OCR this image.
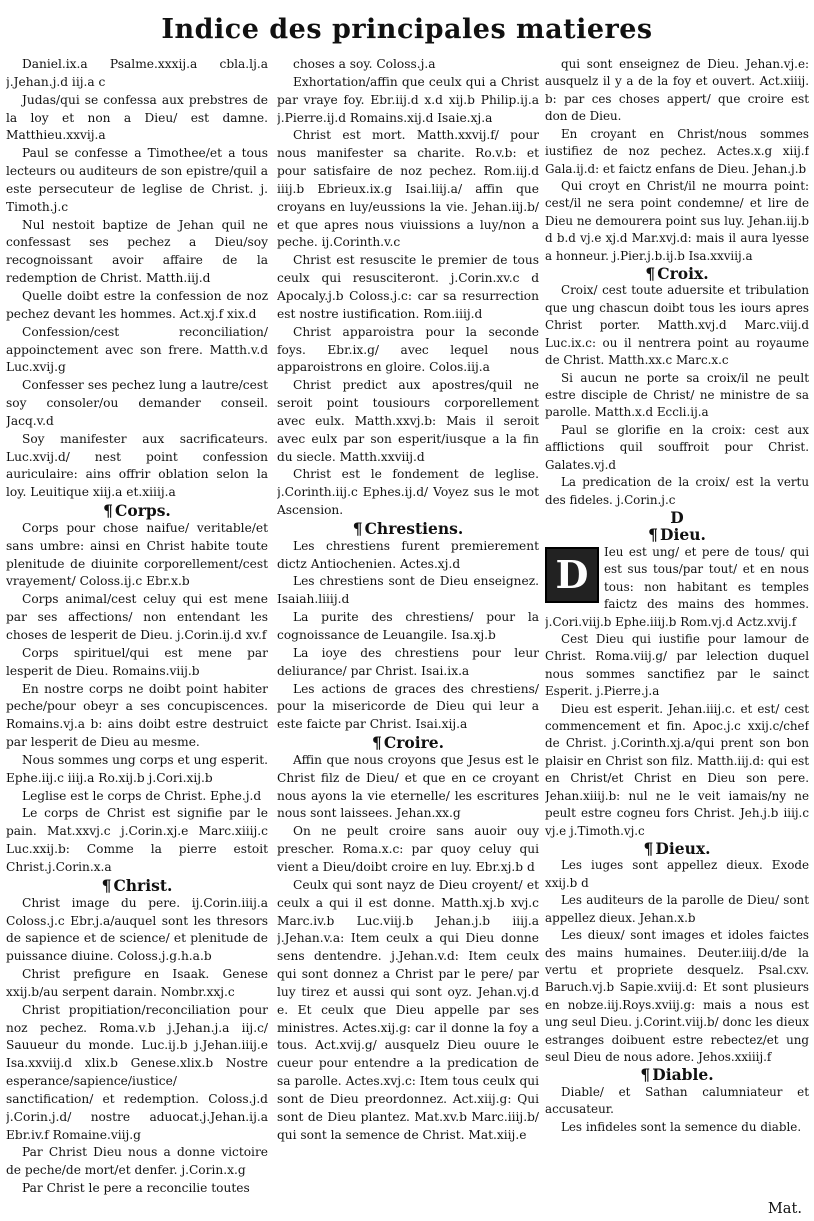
Indice des principales matieres

Daniel.ix.a Psalme.xxxij.a cbla.lj.a j.Jehan.j.d iij.a c

Judas/qui se confessa aux prebstres de la loy et non a Dieu/ est damne. Matthieu.xxvij.a

Paul se confesse a Timothee/et a tous lecteurs ou auditeurs de son epistre/quil a este persecuteur de leglise de Christ. j. Timoth.j.c

Nul nestoit baptize de Jehan quil ne confessast ses pechez a Dieu/soy recognoissant avoir affaire de la redemption de Christ. Matth.iij.d

Quelle doibt estre la confession de noz pechez devant les hommes. Act.xj.f xix.d

Confession/cest reconciliation/ appoinctement avec son frere. Matth.v.d Luc.xvij.g

Confesser ses pechez lung a lautre/cest soy consoler/ou demander conseil. Jacq.v.d

Soy manifester aux sacrificateurs. Luc.xvij.d/ nest point confession auriculaire: ains offrir oblation selon la loy. Leuitique xiij.a et.xiiij.a

¶ Corps.

Corps pour chose naifue/ veritable/et sans umbre: ainsi en Christ habite toute plenitude de diuinite corporellement/cest vrayement/ Coloss.ij.c Ebr.x.b

Corps animal/cest celuy qui est mene par ses affections/ non entendant les choses de lesperit de Dieu. j.Corin.ij.d xv.f

Corps spirituel/qui est mene par lesperit de Dieu. Romains.viij.b

En nostre corps ne doibt point habiter peche/pour obeyr a ses concupiscences. Romains.vj.a b: ains doibt estre destruict par lesperit de Dieu au mesme.

Nous sommes ung corps et ung esperit. Ephe.iij.c iiij.a Ro.xij.b j.Cori.xij.b

Leglise est le corps de Christ. Ephe.j.d

Le corps de Christ est signifie par le pain. Mat.xxvj.c j.Corin.xj.e Marc.xiiij.c Luc.xxij.b: Comme la pierre estoit Christ.j.Corin.x.a

¶ Christ.

Christ image du pere. ij.Corin.iiij.a Coloss.j.c Ebr.j.a/auquel sont les thresors de sapience et de science/ et plenitude de puissance diuine. Coloss.j.g.h.a.b

Christ prefigure en Isaak. Genese xxij.b/au serpent darain. Nombr.xxj.c

Christ propitiation/reconciliation pour noz pechez. Roma.v.b j.Jehan.j.a iij.c/ Sauueur du monde. Luc.ij.b j.Jehan.iiij.e Isa.xxviij.d xlix.b Genese.xlix.b Nostre esperance/sapience/iustice/ sanctification/ et redemption. Coloss.j.d j.Corin.j.d/ nostre aduocat.j.Jehan.ij.a Ebr.iv.f Romaine.viij.g

Par Christ Dieu nous a donne victoire de peche/de mort/et denfer. j.Corin.x.g

Par Christ le pere a reconcilie toutes

choses a soy. Coloss.j.a

Exhortation/affin que ceulx qui a Christ par vraye foy. Ebr.iij.d x.d xij.b Philip.ij.a j.Pierre.ij.d Romains.xij.d Isaie.xj.a

Christ est mort. Matth.xxvij.f/ pour nous manifester sa charite. Ro.v.b: et pour satisfaire de noz pechez. Rom.iij.d iiij.b Ebrieux.ix.g Isai.liij.a/ affin que croyans en luy/eussions la vie. Jehan.iij.b/ et que apres nous viuissions a luy/non a peche. ij.Corinth.v.c

Christ est resuscite le premier de tous ceulx qui resusciteront. j.Corin.xv.c d Apocaly.j.b Coloss.j.c: car sa resurrection est nostre iustification. Rom.iiij.d

Christ apparoistra pour la seconde foys. Ebr.ix.g/ avec lequel nous apparoistrons en gloire. Colos.iij.a

Christ predict aux apostres/quil ne seroit point tousiours corporellement avec eulx. Matth.xxvj.b: Mais il seroit avec eulx par son esperit/iusque a la fin du siecle. Matth.xxviij.d

Christ est le fondement de leglise. j.Corinth.iij.c Ephes.ij.d/ Voyez sus le mot Ascension.

¶ Chrestiens.

Les chrestiens furent premierement dictz Antiochenien. Actes.xj.d

Les chrestiens sont de Dieu enseignez. Isaiah.liiij.d

La purite des chrestiens/ pour la cognoissance de Leuangile. Isa.xj.b

La ioye des chrestiens pour leur deliurance/ par Christ. Isai.ix.a

Les actions de graces des chrestiens/ pour la misericorde de Dieu qui leur a este faicte par Christ. Isai.xij.a

¶ Croire.

Affin que nous croyons que Jesus est le Christ filz de Dieu/ et que en ce croyant nous ayons la vie eternelle/ les escritures nous sont laissees. Jehan.xx.g

On ne peult croire sans auoir ouy prescher. Roma.x.c: par quoy celuy qui vient a Dieu/doibt croire en luy. Ebr.xj.b d

Ceulx qui sont nayz de Dieu croyent/ et ceulx a qui il est donne. Matth.xj.b xvj.c Marc.iv.b Luc.viij.b Jehan.j.b iiij.a j.Jehan.v.a: Item ceulx a qui Dieu donne sens dentendre. j.Jehan.v.d: Item ceulx qui sont donnez a Christ par le pere/ par luy tirez et aussi qui sont oyz. Jehan.vj.d e. Et ceulx que Dieu appelle par ses ministres. Actes.xij.g: car il donne la foy a tous. Act.xvij.g/ ausquelz Dieu ouure le cueur pour entendre a la predication de sa parolle. Actes.xvj.c: Item tous ceulx qui sont de Dieu preordonnez. Act.xiij.g: Qui sont de Dieu plantez. Mat.xv.b Marc.iiij.b/ qui sont la semence de Christ. Mat.xiij.e

qui sont enseignez de Dieu. Jehan.vj.e: ausquelz il y a de la foy et ouvert. Act.xiiij. b: par ces choses appert/ que croire est don de Dieu.

En croyant en Christ/nous sommes iustifiez de noz pechez. Actes.x.g xiij.f Gala.ij.d: et faictz enfans de Dieu. Jehan.j.b

Qui croyt en Christ/il ne mourra point: cest/il ne sera point condemne/ et lire de Dieu ne demourera point sus luy. Jehan.iij.b d b.d vj.e xj.d Mar.xvj.d: mais il aura lyesse a honneur. j.Pier.j.b.ij.b Isa.xxviij.a

¶ Croix.

Croix/ cest toute aduersite et tribulation que ung chascun doibt tous les iours apres Christ porter. Matth.xvj.d Marc.viij.d Luc.ix.c: ou il nentrera point au royaume de Christ. Matth.xx.c Marc.x.c

Si aucun ne porte sa croix/il ne peult estre disciple de Christ/ ne ministre de sa parolle. Matth.x.d Eccli.ij.a

Paul se glorifie en la croix: cest aux afflictions quil souffroit pour Christ. Galates.vj.d

La predication de la croix/ est la vertu des fideles. j.Corin.j.c

D

¶ Dieu.

D	Ieu est ung/ et pere de tous/ qui est sus tous/par tout/ et en nous tous: non habitant es temples faictz des mains des hommes. j.Cori.viij.b Ephe.iiij.b Rom.vj.d Actz.xvij.f

Cest Dieu qui iustifie pour lamour de Christ. Roma.viij.g/ par lelection duquel nous sommes sanctifiez par le sainct Esperit. j.Pierre.j.a

Dieu est esperit. Jehan.iiij.c. et est/ cest commencement et fin. Apoc.j.c xxij.c/chef de Christ. j.Corinth.xj.a/qui prent son bon plaisir en Christ son filz. Matth.iij.d: qui est en Christ/et Christ en Dieu son pere. Jehan.xiiij.b: nul ne le veit iamais/ny ne peult estre cogneu fors Christ. Jeh.j.b iiij.c vj.e j.Timoth.vj.c

¶ Dieux.

Les iuges sont appellez dieux. Exode xxij.b d

Les auditeurs de la parolle de Dieu/ sont appellez dieux. Jehan.x.b

Les dieux/ sont images et idoles faictes des mains humaines. Deuter.iiij.d/de la vertu et propriete desquelz. Psal.cxv. Baruch.vj.b Sapie.xviij.d: Et sont plusieurs en nobze.iij.Roys.xviij.g: mais a nous est ung seul Dieu. j.Corint.viij.b/ donc les dieux estranges doibuent estre rebectez/et ung seul Dieu de nous adore. Jehos.xxiiij.f

¶ Diable.

Diable/ et Sathan calumniateur et accusateur.

Les infideles sont la semence du diable.

Mat.
